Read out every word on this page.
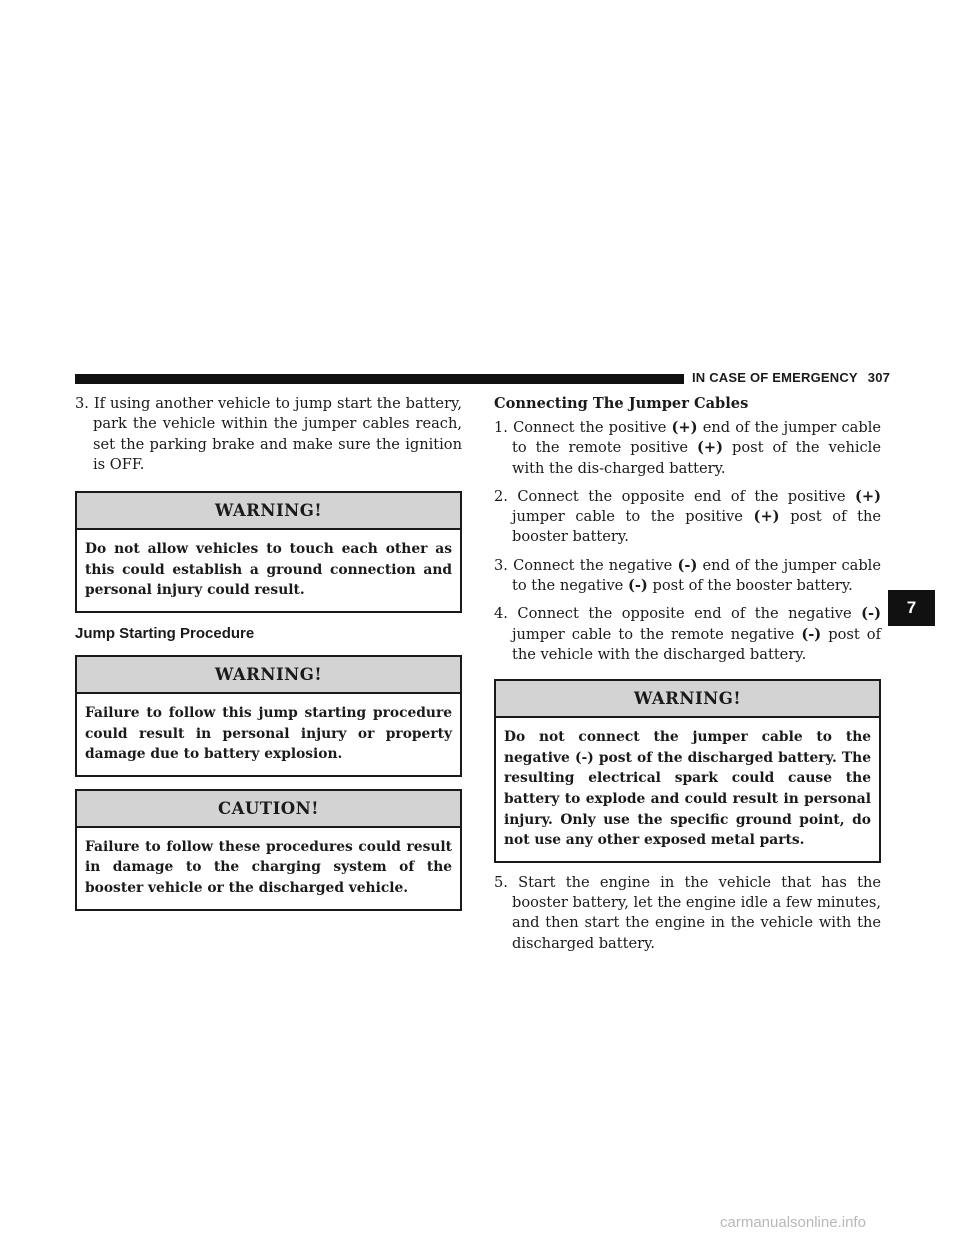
IN CASE OF EMERGENCY 307

3. If using another vehicle to jump start the battery, park the vehicle within the jumper cables reach, set the parking brake and make sure the ignition is OFF.

WARNING!
Do not allow vehicles to touch each other as this could establish a ground connection and personal injury could result.

Jump Starting Procedure

WARNING!
Failure to follow this jump starting procedure could result in personal injury or property damage due to battery explosion.
CAUTION!
Failure to follow these procedures could result in damage to the charging system of the booster vehicle or the discharged vehicle.

Connecting The Jumper Cables

1. Connect the positive (+) end of the jumper cable to the remote positive (+) post of the vehicle with the dis-charged battery.

2. Connect the opposite end of the positive (+) jumper cable to the positive (+) post of the booster battery.

3. Connect the negative (-) end of the jumper cable to the negative (-) post of the booster battery.

4. Connect the opposite end of the negative (-) jumper cable to the remote negative (-) post of the vehicle with the discharged battery.

WARNING!
Do not connect the jumper cable to the negative (-) post of the discharged battery. The resulting electrical spark could cause the battery to explode and could result in personal injury. Only use the specific ground point, do not use any other exposed metal parts.

5. Start the engine in the vehicle that has the booster battery, let the engine idle a few minutes, and then start the engine in the vehicle with the discharged battery.

7
carmanualsonline.info
